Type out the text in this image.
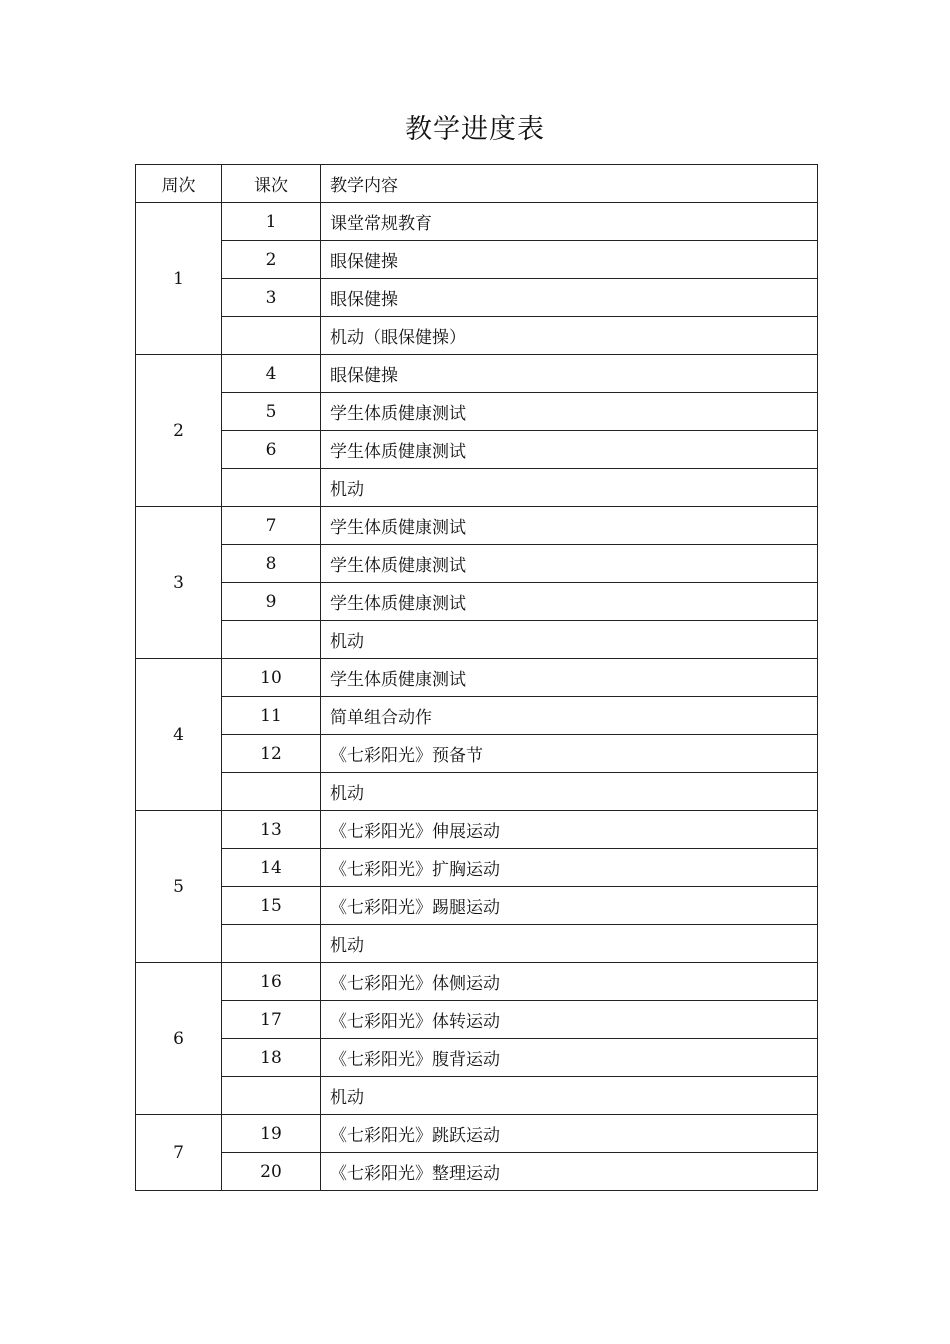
教学进度表
周次	课次	教学内容
1	1	课堂常规教育
	2	眼保健操
	3	眼保健操
		机动（眼保健操）
2	4	眼保健操
	5	学生体质健康测试
	6	学生体质健康测试
		机动
3	7	学生体质健康测试
	8	学生体质健康测试
	9	学生体质健康测试
		机动
4	10	学生体质健康测试
	11	简单组合动作
	12	《七彩阳光》预备节
		机动
5	13	《七彩阳光》伸展运动
	14	《七彩阳光》扩胸运动
	15	《七彩阳光》踢腿运动
		机动
6	16	《七彩阳光》体侧运动
	17	《七彩阳光》体转运动
	18	《七彩阳光》腹背运动
		机动
7	19	《七彩阳光》跳跃运动
	20	《七彩阳光》整理运动
